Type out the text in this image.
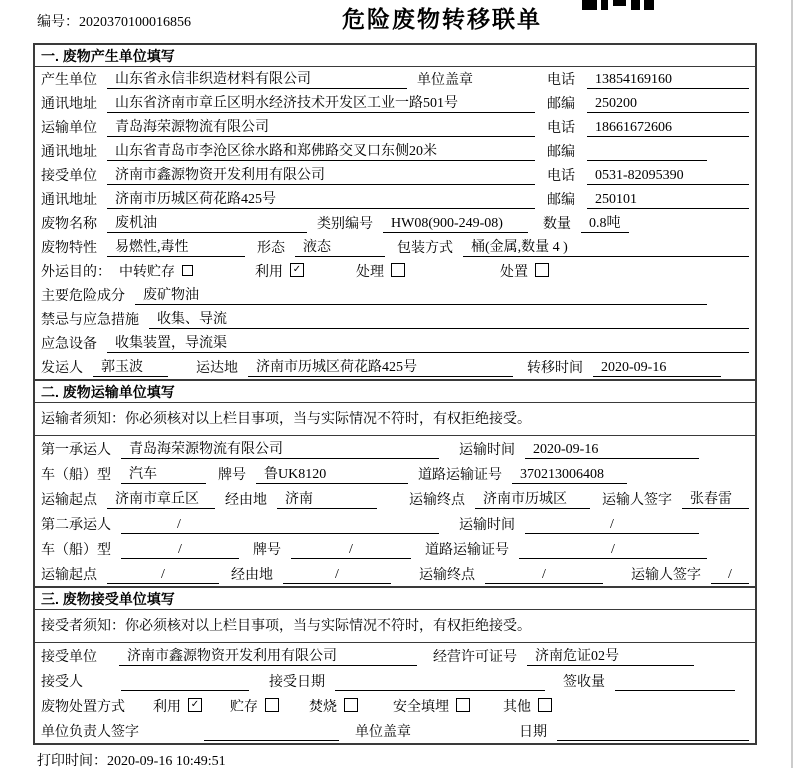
编号：2020370100016856	危险废物转移联单
一. 废物产生单位填写
产生单位	山东省永信非织造材料有限公司	单位盖章	电话	13854169160
通讯地址	山东省济南市章丘区明水经济技术开发区工业一路501号	邮编	250200
运输单位	青岛海荣源物流有限公司	电话	18661672606
通讯地址	山东省青岛市李沧区徐水路和郑佛路交叉口东侧20米	邮编
接受单位	济南市鑫源物资开发利用有限公司	电话	0531-82095390
通讯地址	济南市历城区荷花路425号	邮编	250101
废物名称	废机油	类别编号	HW08(900-249-08)	数量	0.8吨
废物特性	易燃性,毒性	形态	液态	包装方式	桶(金属,数量 4 )
外运目的： 中转贮存	利用 ✓	处理	处置
主要危险成分	废矿物油
禁忌与应急措施	收集、导流
应急设备	收集装置，导流渠
发运人	郭玉波	运达地	济南市历城区荷花路425号	转移时间	2020-09-16
二. 废物运输单位填写
运输者须知：你必须核对以上栏目事项，当与实际情况不符时，有权拒绝接受。
第一承运人	青岛海荣源物流有限公司	运输时间	2020-09-16
车（船）型	汽车	牌号	鲁UK8120	道路运输证号	370213006408
运输起点	济南市章丘区	经由地	济南	运输终点	济南市历城区	运输人签字	张春雷
第二承运人	/	运输时间	/
车（船）型	/	牌号	/	道路运输证号	/
运输起点	/	经由地	/	运输终点	/	运输人签字	/
三. 废物接受单位填写
接受者须知：你必须核对以上栏目事项，当与实际情况不符时，有权拒绝接受。
接受单位	济南市鑫源物资开发利用有限公司	经营许可证号	济南危证02号
接受人	接受日期	签收量
废物处置方式	利用 ✓ 贮存	焚烧	安全填埋	其他
单位负责人签字	单位盖章	日期
打印时间：2020-09-16 10:49:51
